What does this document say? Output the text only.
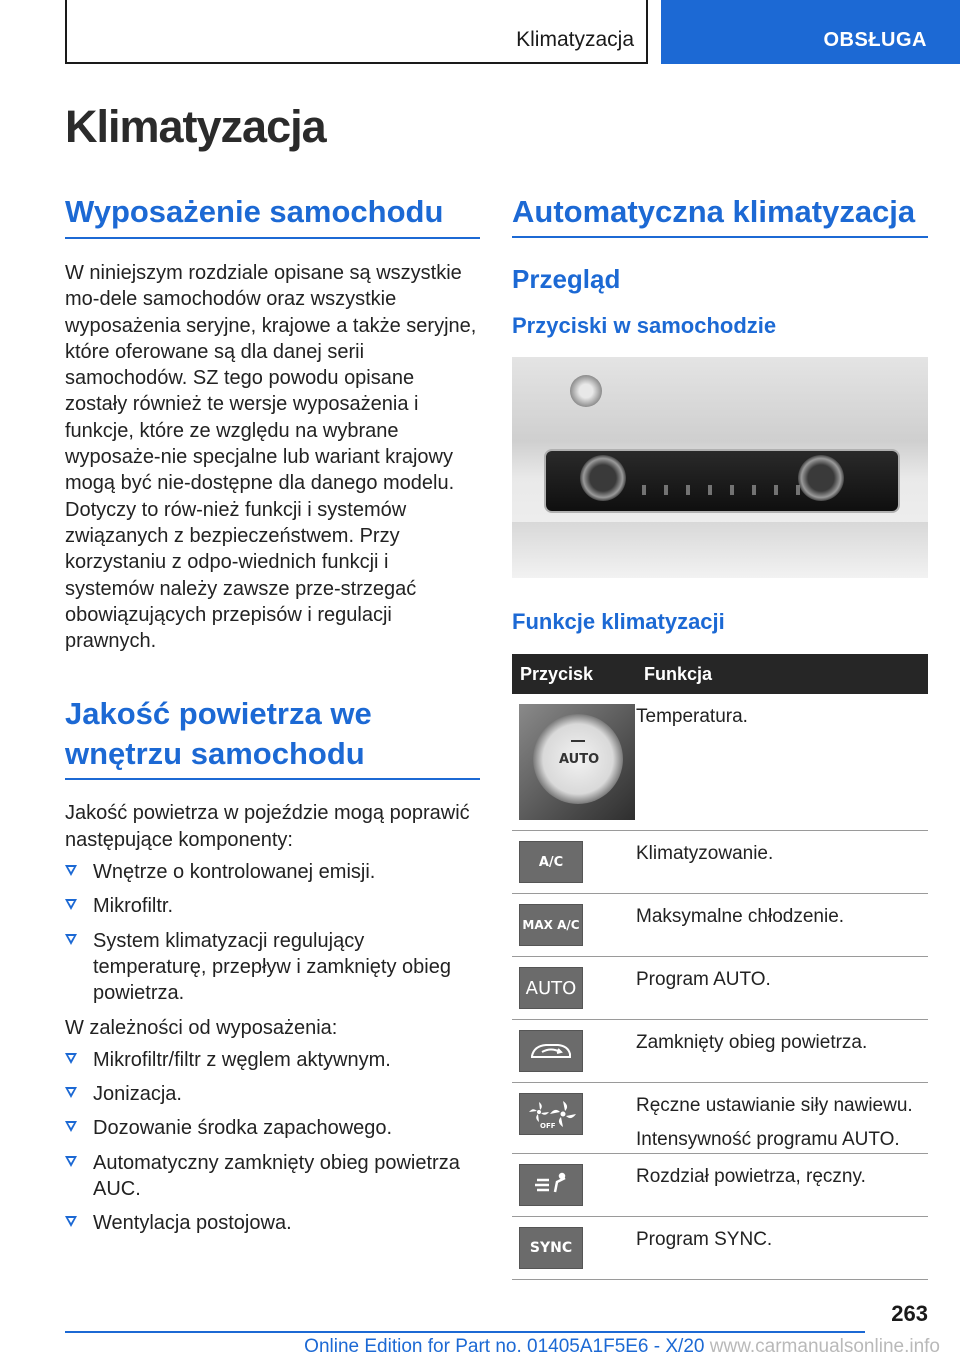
Klimatyzacja	OBSŁUGA
Klimatyzacja
Wyposażenie samochodu

W niniejszym rozdziale opisane są wszystkie mo-dele samochodów oraz wszystkie wyposażenia seryjne, krajowe a także seryjne, które oferowane są dla danej serii samochodów. SZ tego powodu opisane zostały również te wersje wyposażenia i funkcje, które ze względu na wybrane wyposaże-nie specjalne lub wariant krajowy mogą być nie-dostępne dla danego modelu. Dotyczy to rów-nież funkcji i systemów związanych z bezpieczeństwem. Przy korzystaniu z odpo-wiednich funkcji i systemów należy zawsze prze-strzegać obowiązujących przepisów i regulacji prawnych.

Jakość powietrza we wnętrzu samochodu

Jakość powietrza w pojeździe mogą poprawić następujące komponenty:

Wnętrze o kontrolowanej emisji.
Mikrofiltr.
System klimatyzacji regulujący temperaturę, przepływ i zamknięty obieg powietrza.

W zależności od wyposażenia:

Mikrofiltr/filtr z węglem aktywnym.
Jonizacja.
Dozowanie środka zapachowego.
Automatyczny zamknięty obieg powietrza AUC.
Wentylacja postojowa.
Automatyczna klimatyzacja
Przegląd
Przyciski w samochodzie
Funkcje klimatyzacji
Przycisk	Funkcja

AUTO	Temperatura.

A/C	Klimatyzowanie.

MAX A/C	Maksymalne chłodzenie.

AUTO	Program AUTO.

Zamknięty obieg powietrza.

OFF	Ręczne ustawianie siły nawiewu.
Intensywność programu AUTO.

Rozdział powietrza, ręczny.

SYNC	Program SYNC.
263
Online Edition for Part no. 01405A1F5E6 - X/20 www.carmanualsonline.info
